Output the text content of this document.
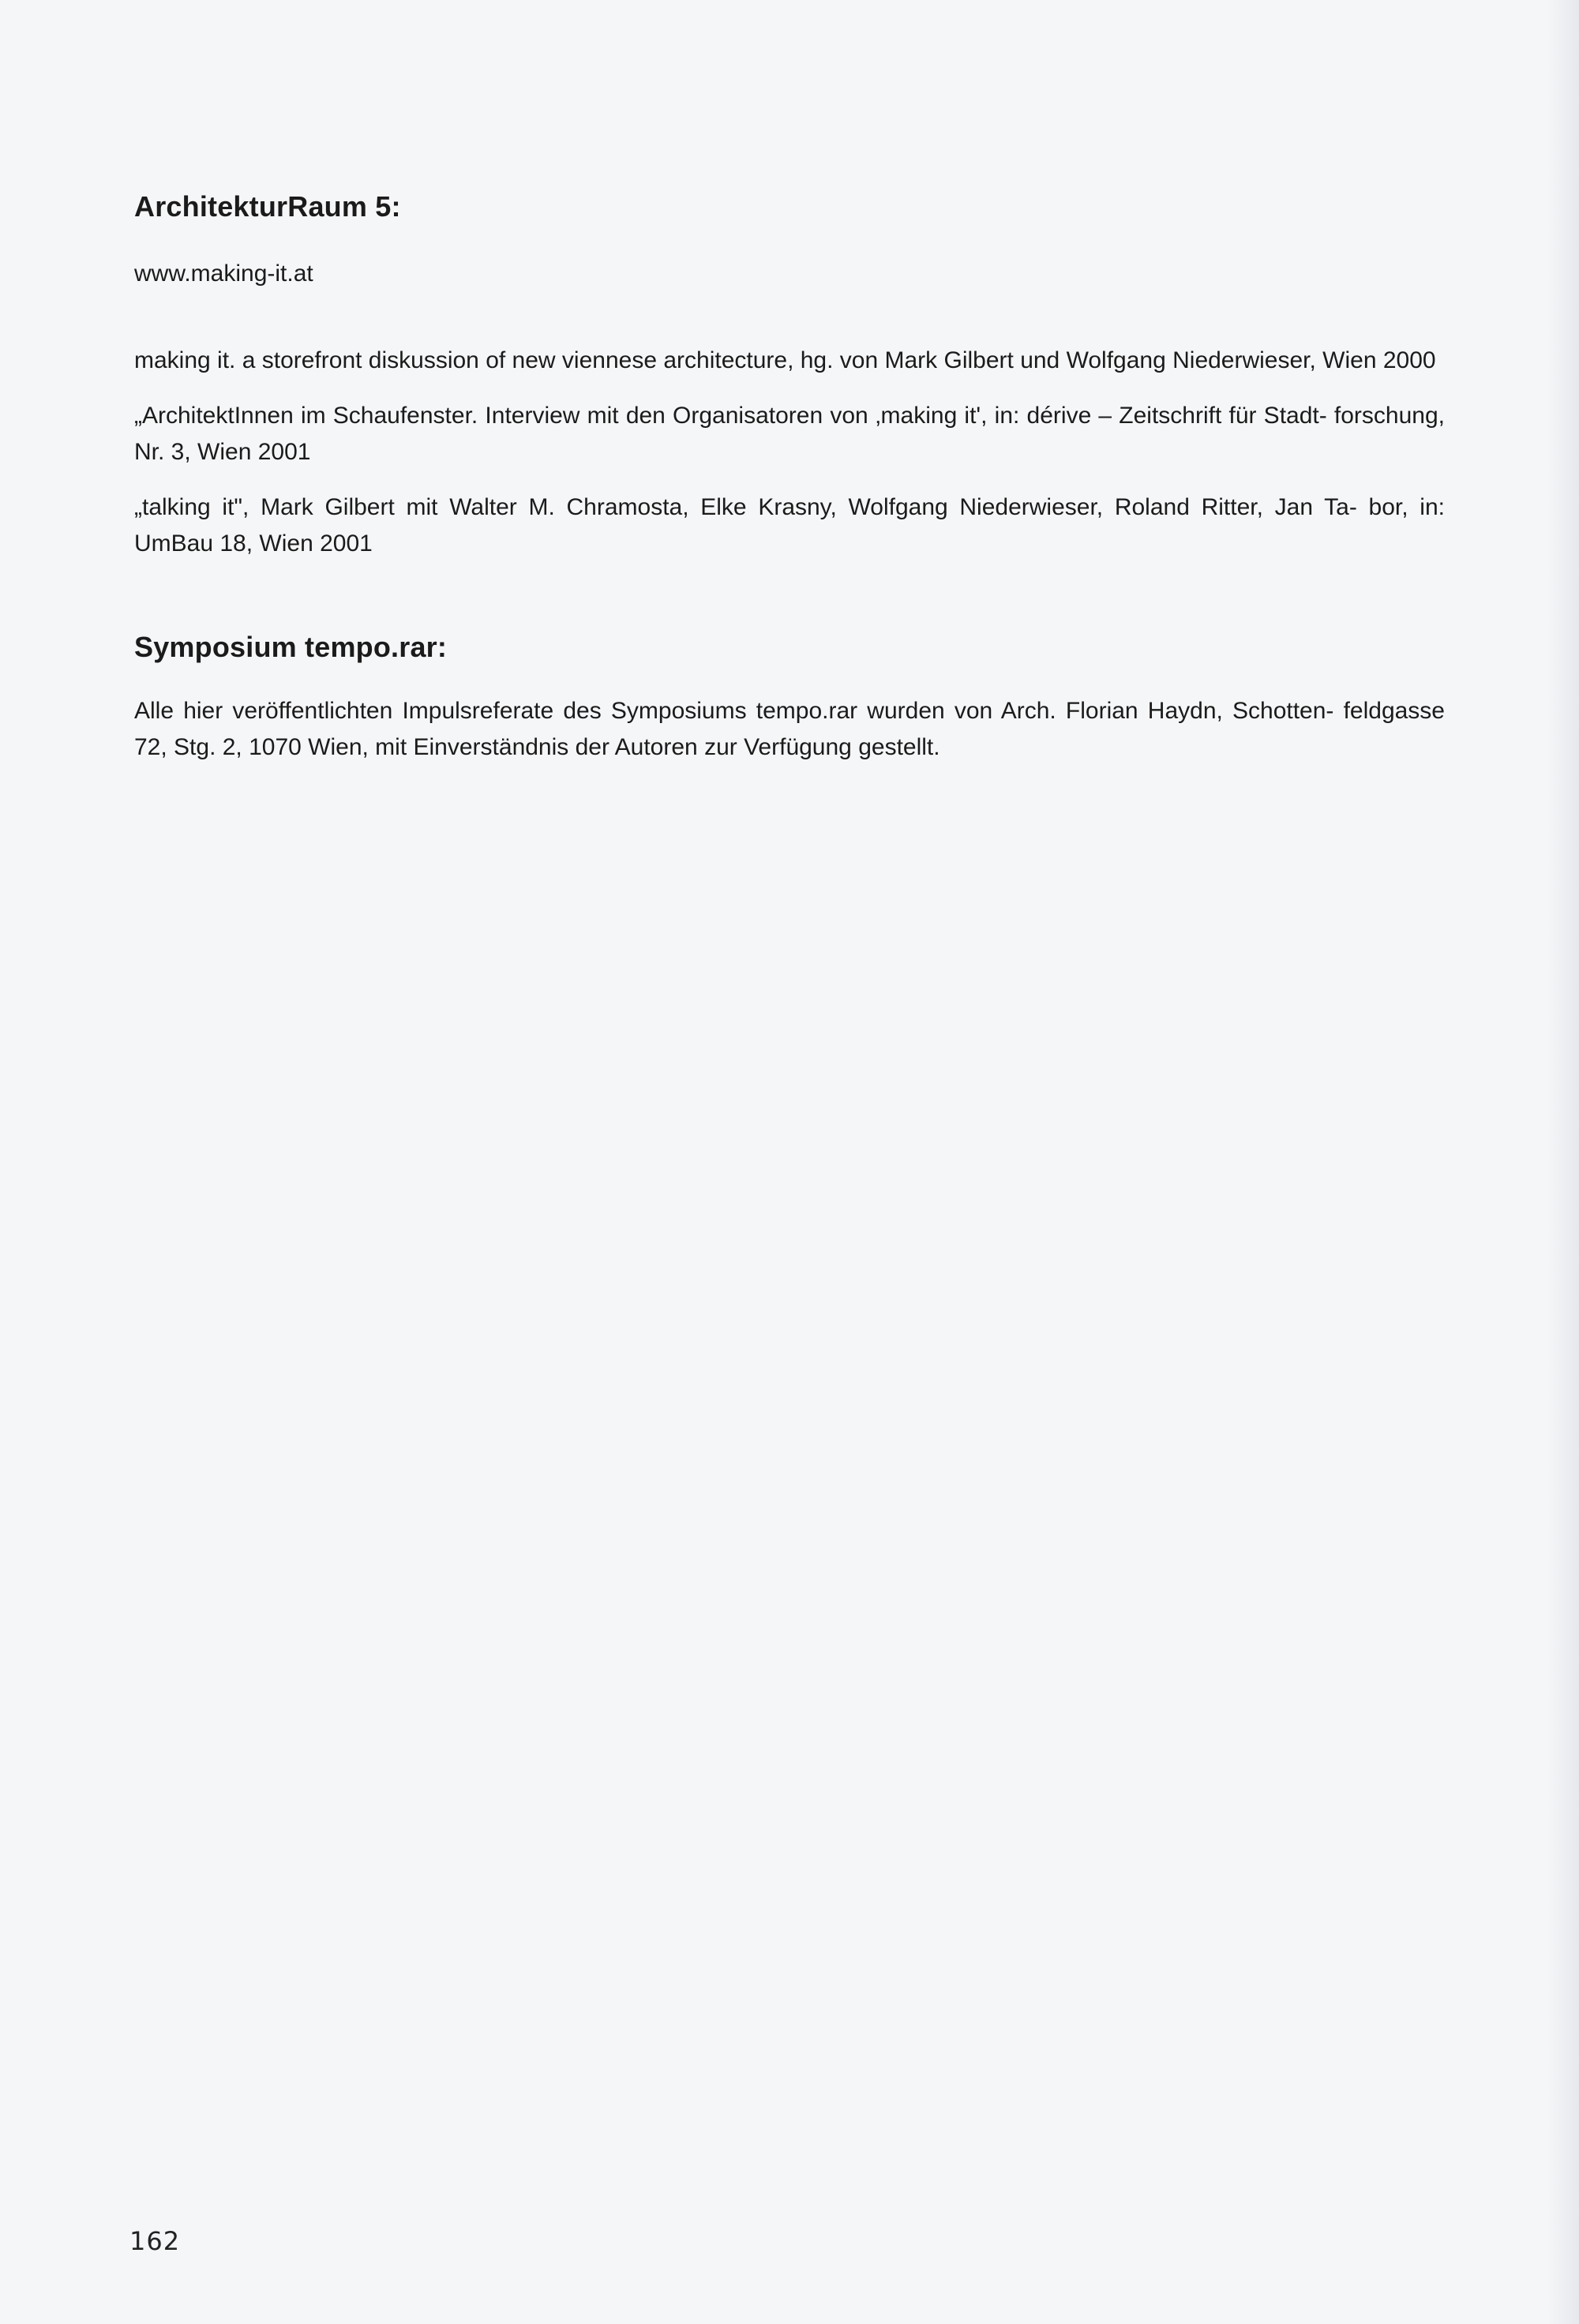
ArchitekturRaum 5:

www.making-it.at

making it. a storefront diskussion of new viennese architecture, hg. von Mark Gilbert und Wolfgang Niederwieser, Wien 2000

„ArchitektInnen im Schaufenster. Interview mit den Organisatoren von ‚making it', in: dérive – Zeitschrift für Stadt- forschung, Nr. 3, Wien 2001

„talking it", Mark Gilbert mit Walter M. Chramosta, Elke Krasny, Wolfgang Niederwieser, Roland Ritter, Jan Ta- bor, in: UmBau 18, Wien 2001

Symposium tempo.rar:

Alle hier veröffentlichten Impulsreferate des Symposiums tempo.rar wurden von Arch. Florian Haydn, Schotten- feldgasse 72, Stg. 2, 1070 Wien, mit Einverständnis der Autoren zur Verfügung gestellt.

162
